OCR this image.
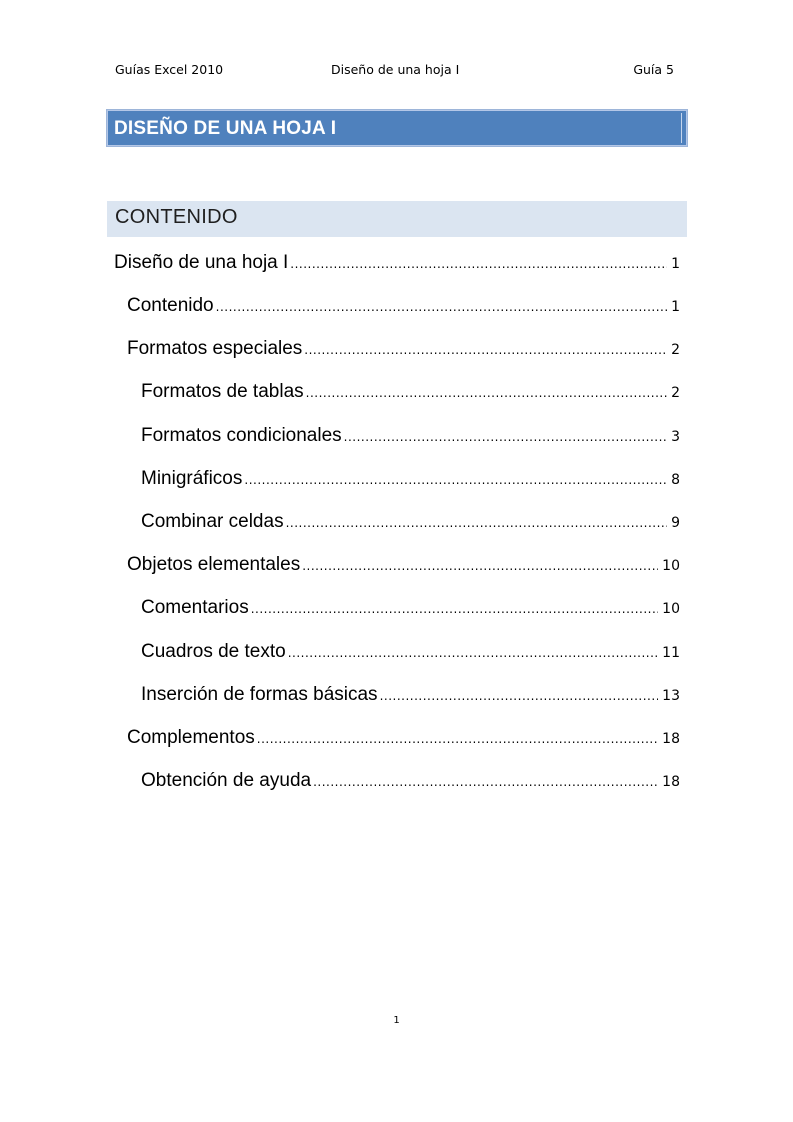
Guías Excel 2010	Diseño de una hoja I	Guía 5
DISEÑO DE UNA HOJA I
CONTENIDO
Diseño de una hoja I .....	1
Contenido .....	1
Formatos especiales .....	2
Formatos de tablas .....	2
Formatos condicionales .....	3
Minigráficos .....	8
Combinar celdas .....	9
Objetos elementales .....	10
Comentarios .....	10
Cuadros de texto .....	11
Inserción de formas básicas .....	13
Complementos .....	18
Obtención de ayuda .....	18
1
